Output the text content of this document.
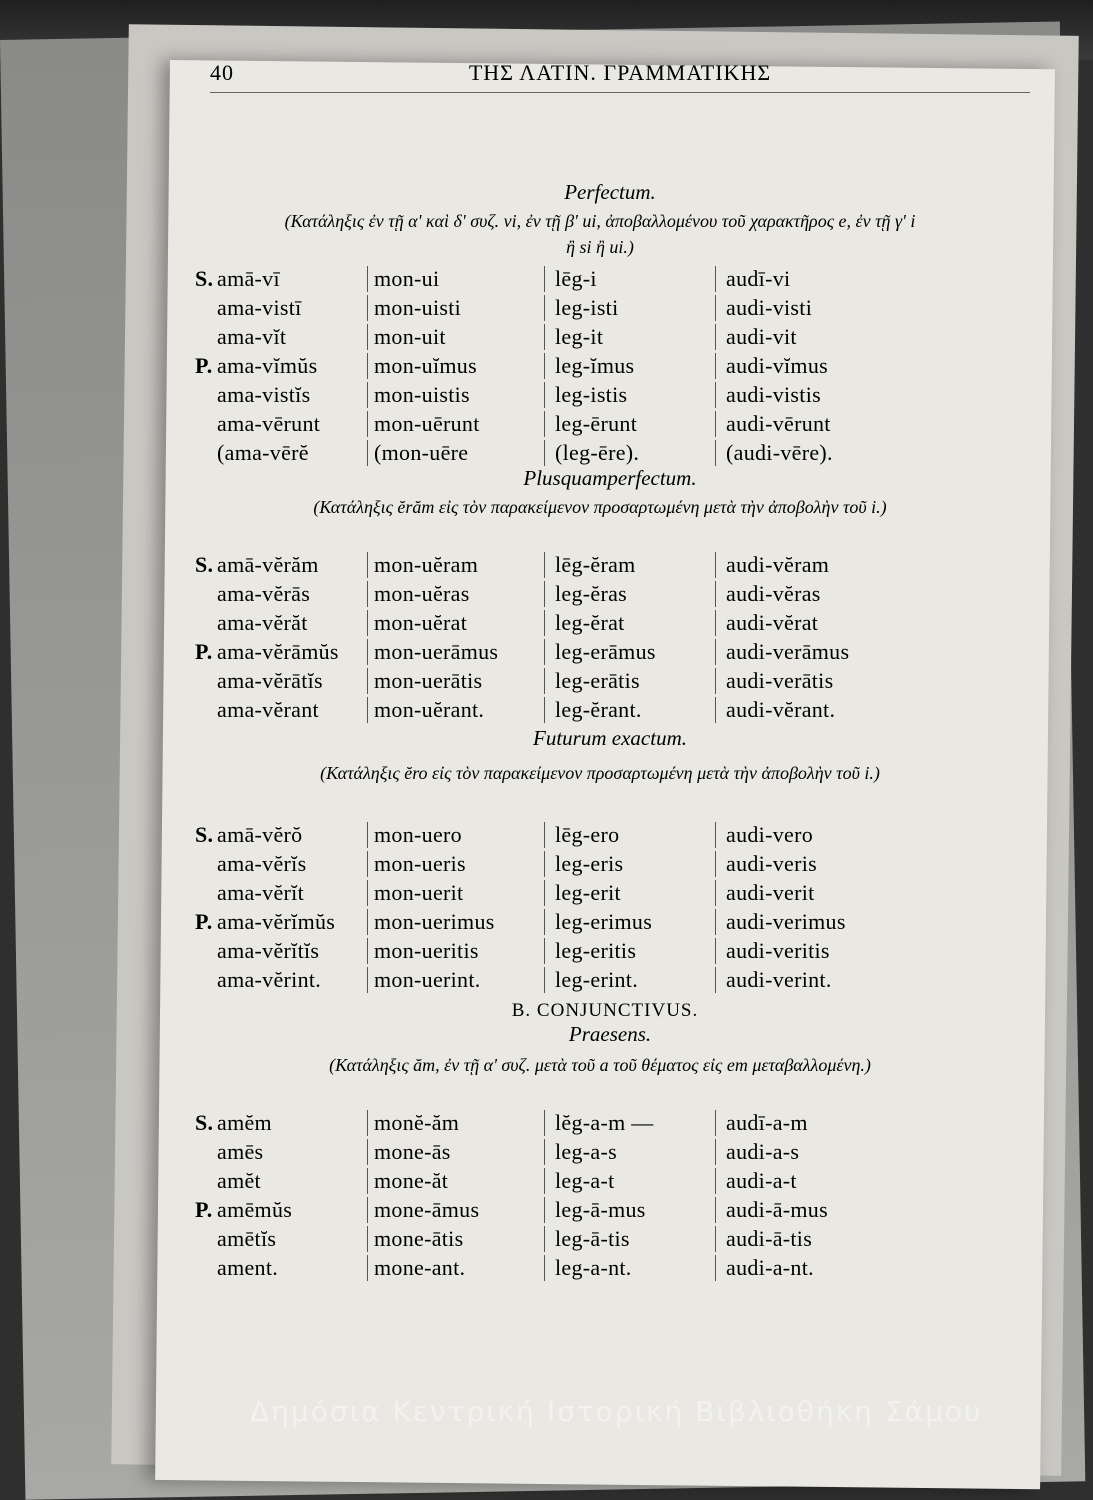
40	ΤΗΣ ΛΑΤΙΝ. ΓΡΑΜΜΑΤΙΚΗΣ
Perfectum.
(Κατάληξις ἐν τῇ α' καὶ δ' συζ. vi, ἐν τῇ β' ui, ἀποβαλλομένου τοῦ χαρακτῆρος e, ἐν τῇ γ' i ἢ si ἢ ui.)
S. amā-vī	mon-ui	lēg-i	audī-vi
ama-vistī	mon-uisti	leg-isti	audi-visti
ama-vĭt	mon-uit	leg-it	audi-vit
P. ama-vĭmŭs	mon-uĭmus	leg-ĭmus	audi-vĭmus
ama-vistĭs	mon-uistis	leg-istis	audi-vistis
ama-vērunt	mon-uērunt	leg-ērunt	audi-vērunt
(ama-vērĕ	(mon-uēre	(leg-ēre).	(audi-vēre).
Plusquamperfectum.
(Κατάληξις ĕrăm εἰς τὸν παρακείμενον προσαρτωμένη μετὰ τὴν ἀποβολὴν τοῦ i.)
S. amā-vĕrăm	mon-uĕram	lēg-ĕram	audi-vĕram
ama-vĕrās	mon-uĕras	leg-ĕras	audi-vĕras
ama-vĕrăt	mon-uĕrat	leg-ĕrat	audi-vĕrat
P. ama-vĕrāmŭs	mon-uerāmus	leg-erāmus	audi-verāmus
ama-vĕrātĭs	mon-uerātis	leg-erātis	audi-verātis
ama-vĕrant	mon-uĕrant.	leg-ĕrant.	audi-vĕrant.
Futurum exactum.
(Κατάληξις ĕro εἰς τὸν παρακείμενον προσαρτωμένη μετὰ τὴν ἀποβολὴν τοῦ i.)
S. amā-vĕrŏ	mon-uero	lēg-ero	audi-vero
ama-vĕrĭs	mon-ueris	leg-eris	audi-veris
ama-vĕrĭt	mon-uerit	leg-erit	audi-verit
P. ama-vĕrĭmŭs	mon-uerimus	leg-erimus	audi-verimus
ama-vĕrĭtĭs	mon-ueritis	leg-eritis	audi-veritis
ama-vĕrint.	mon-uerint.	leg-erint.	audi-verint.
B. CONJUNCTIVUS.
Praesens.
(Κατάληξις ăm, ἐν τῇ α' συζ. μετὰ τοῦ a τοῦ θέματος εἰς em μεταβαλλομένη.)
S. amĕm	monĕ-ăm	lĕg-a-m —	audī-a-m
amēs	mone-ās	leg-a-s	audi-a-s
amĕt	mone-ăt	leg-a-t	audi-a-t
P. amēmŭs	mone-āmus	leg-ā-mus	audi-ā-mus
amētĭs	mone-ātis	leg-ā-tis	audi-ā-tis
ament.	mone-ant.	leg-a-nt.	audi-a-nt.
Δημόσια Κεντρική Ιστορική Βιβλιοθήκη Σάμου
